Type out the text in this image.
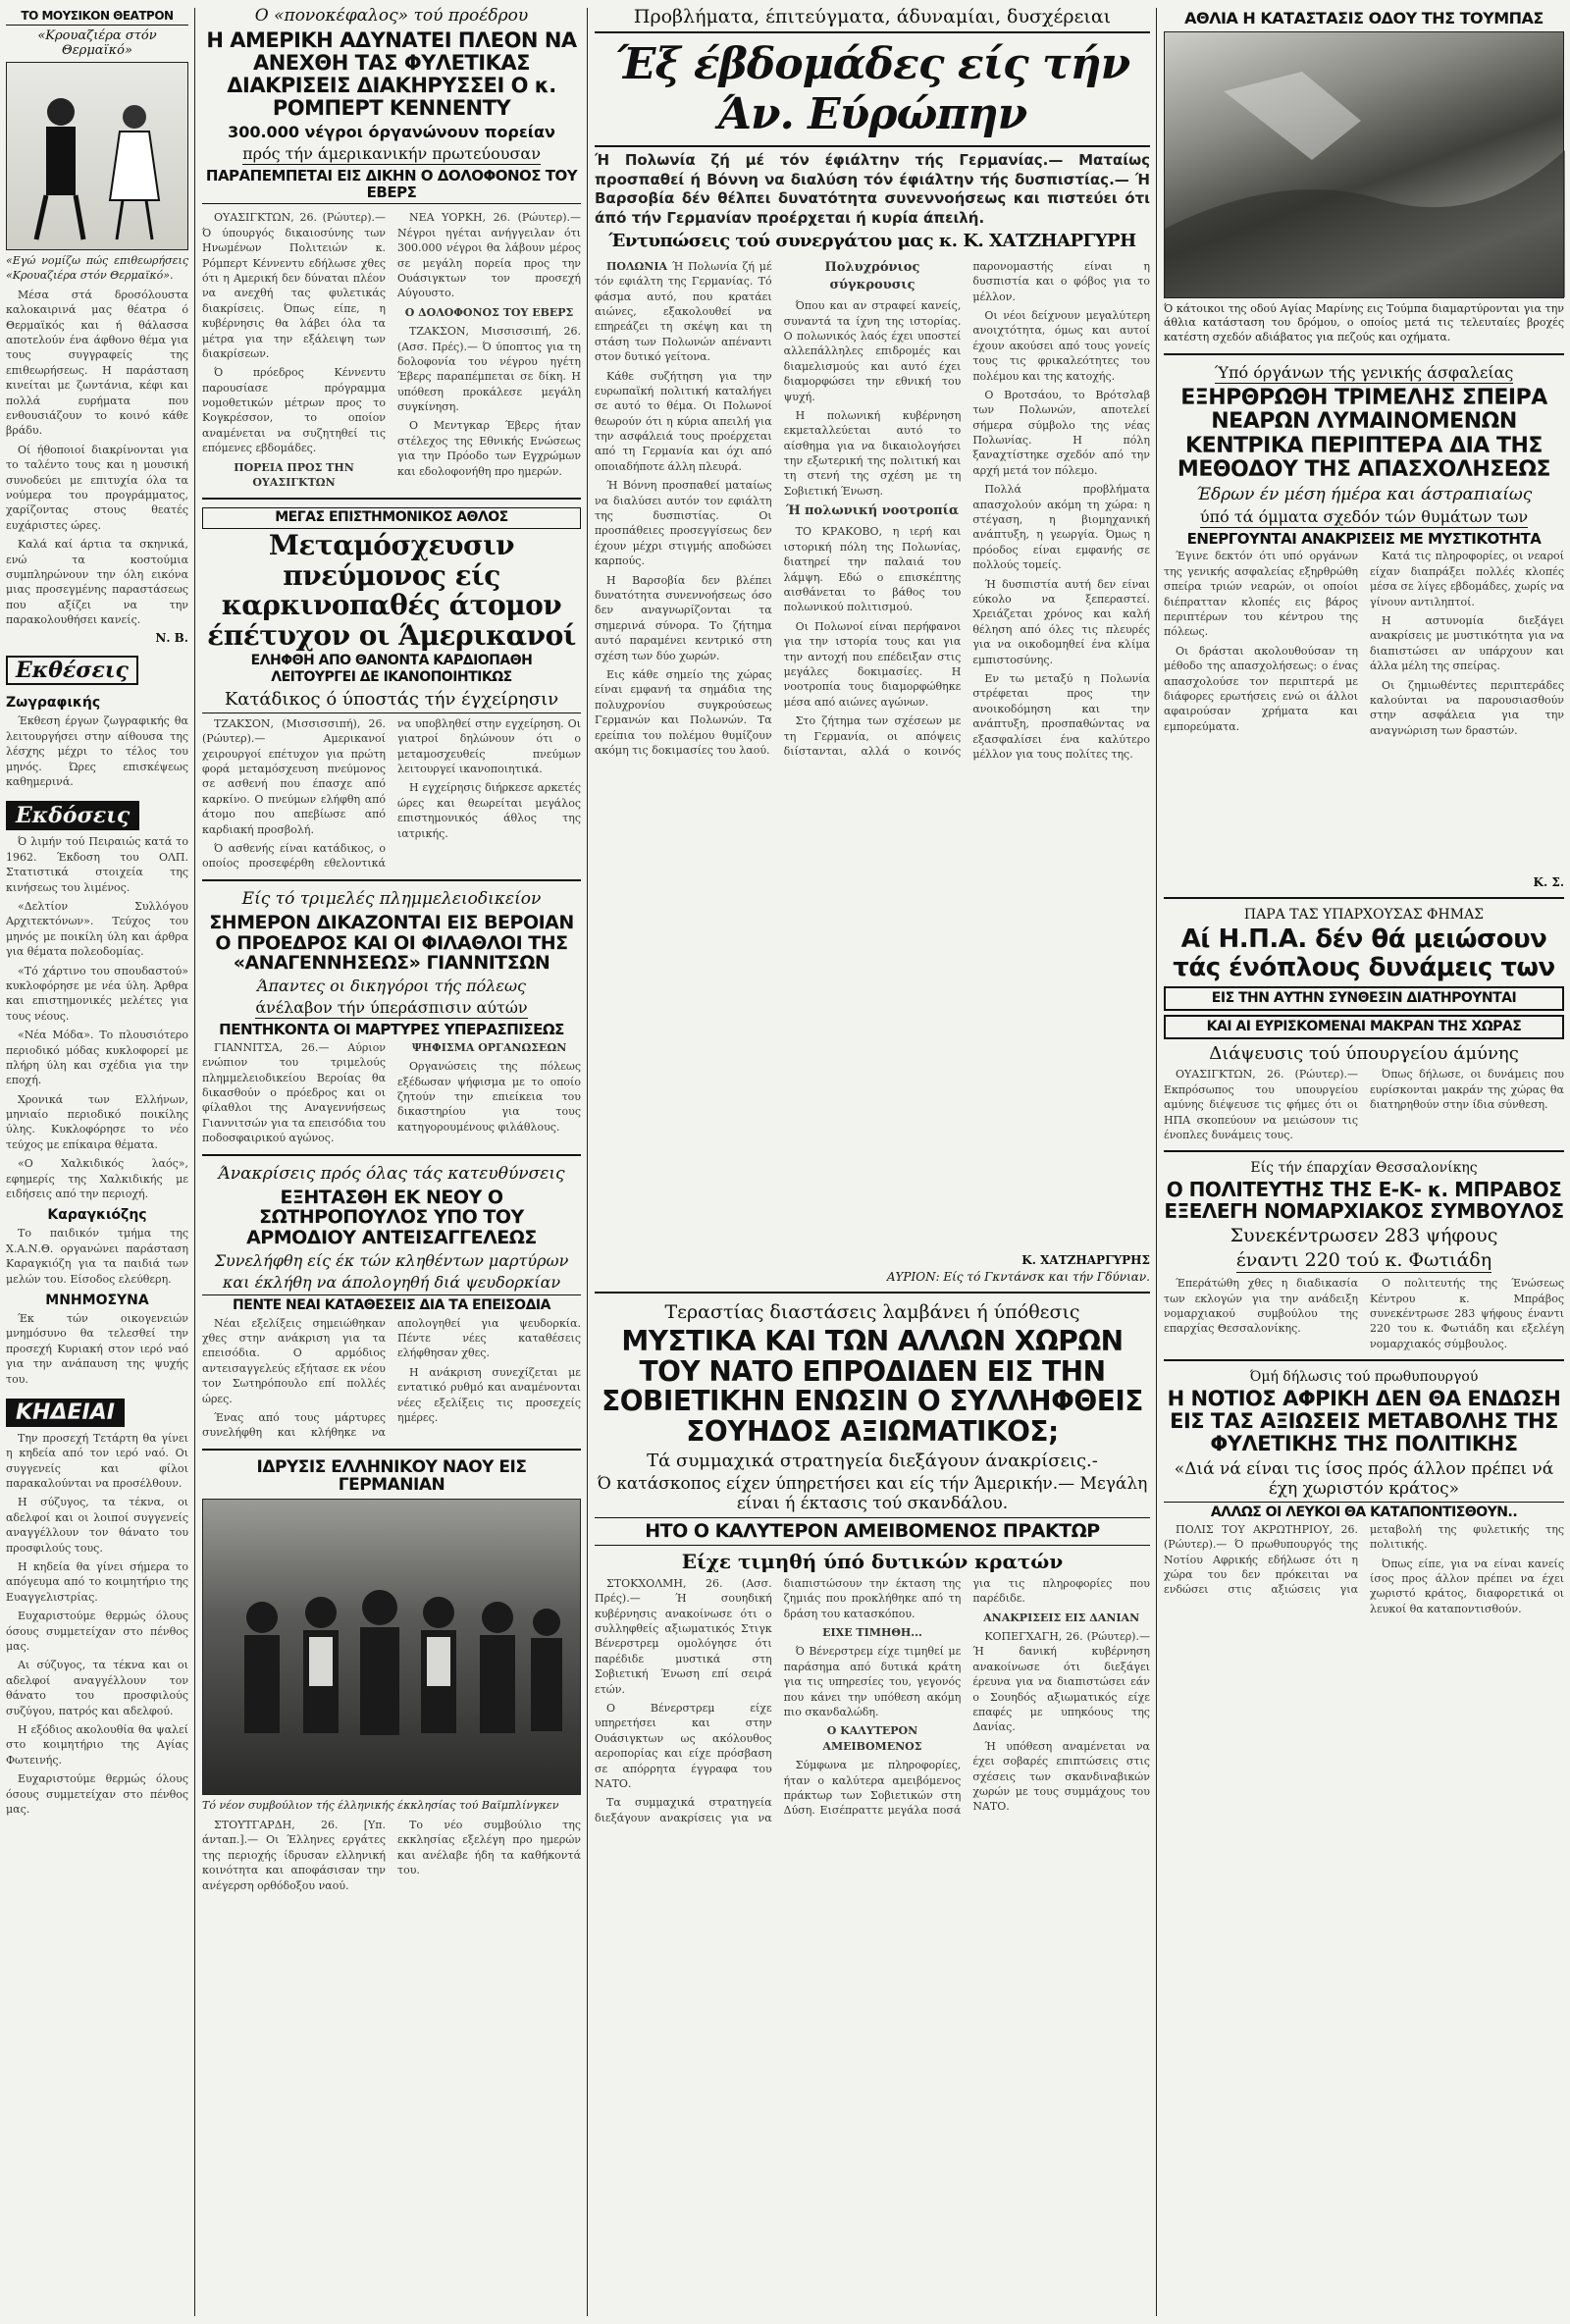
ΤΟ ΜΟΥΣΙΚΟΝ ΘΕΑΤΡΟΝ
«Κρουαζιέρα στόν Θερμαϊκό»
«Εγώ νομίζω πώς επιθεωρήσεις «Κρουαζιέρα στόν Θερμαϊκό».

Μέσα στά δροσόλουστα καλοκαιρινά μας θέατρα ό Θερμαϊκός και ή θάλασσα αποτελούν ένα άφθονο θέμα για τους συγγραφείς της επιθεωρήσεως. Η παράσταση κινείται με ζωντάνια, κέφι και πολλά ευρήματα που ενθουσιάζουν το κοινό κάθε βράδυ.

Οί ήθοποιοί διακρίνονται για το ταλέντο τους και η μουσική συνοδεύει με επιτυχία όλα τα νούμερα του προγράμματος, χαρίζοντας στους θεατές ευχάριστες ώρες.

Καλά καί άρτια τα σκηνικά, ενώ τα κοστούμια συμπληρώνουν την όλη εικόνα μιας προσεγμένης παραστάσεως που αξίζει να την παρακολουθήσει κανείς.

Ν. Β.
Εκθέσεις
Ζωγραφικής

Έκθεση έργων ζωγραφικής θα λειτουργήσει στην αίθουσα της λέσχης μέχρι το τέλος του μηνός. Ώρες επισκέψεως καθημερινά.

Εκδόσεις

Ό λιμήν τού Πειραιώς κατά το 1962. Έκδοση του ΟΛΠ. Στατιστικά στοιχεία της κινήσεως του λιμένος.

«Δελτίον Συλλόγου Αρχιτεκτόνων». Τεύχος του μηνός με ποικίλη ύλη και άρθρα για θέματα πολεοδομίας.

«Τό χάρτινο του σπουδαστού» κυκλοφόρησε με νέα ύλη. Άρθρα και επιστημονικές μελέτες για τους νέους.

«Νέα Μόδα». Το πλουσιότερο περιοδικό μόδας κυκλοφορεί με πλήρη ύλη και σχέδια για την εποχή.

Χρονικά των Ελλήνων, μηνιαίο περιοδικό ποικίλης ύλης. Κυκλοφόρησε το νέο τεύχος με επίκαιρα θέματα.

«Ο Χαλκιδικός λαός», εφημερίς της Χαλκιδικής με ειδήσεις από την περιοχή.

Καραγκιόζης

Το παιδικόν τμήμα της Χ.Α.Ν.Θ. οργανώνει παράσταση Καραγκιόζη για τα παιδιά των μελών του. Είσοδος ελεύθερη.

ΜΝΗΜΟΣΥΝΑ

Έκ τών οικογενειών μνημόσυνο θα τελεσθεί την προσεχή Κυριακή στον ιερό ναό για την ανάπαυση της ψυχής του.

ΚΗΔΕΙΑΙ

Την προσεχή Τετάρτη θα γίνει η κηδεία από τον ιερό ναό. Οι συγγενείς και φίλοι παρακαλούνται να προσέλθουν.

Η σύζυγος, τα τέκνα, οι αδελφοί και οι λοιποί συγγενείς αναγγέλλουν τον θάνατο του προσφιλούς τους.

Η κηδεία θα γίνει σήμερα το απόγευμα από το κοιμητήριο της Ευαγγελιστρίας.

Ευχαριστούμε θερμώς όλους όσους συμμετείχαν στο πένθος μας.

Αι σύζυγος, τα τέκνα και οι αδελφοί αναγγέλλουν τον θάνατο του προσφιλούς συζύγου, πατρός και αδελφού.

Η εξόδιος ακολουθία θα ψαλεί στο κοιμητήριο της Αγίας Φωτεινής.

Ευχαριστούμε θερμώς όλους όσους συμμετείχαν στο πένθος μας.

Ο «πονοκέφαλος» τού προέδρου
Η ΑΜΕΡΙΚΗ ΑΔΥΝΑΤΕΙ ΠΛΕΟΝ ΝΑ ΑΝΕΧΘΗ ΤΑΣ ΦΥΛΕΤΙΚΑΣ ΔΙΑΚΡΙΣΕΙΣ ΔΙΑΚΗΡΥΣΣΕΙ Ο κ. ΡΟΜΠΕΡΤ ΚΕΝΝΕΝΤΥ
300.000 νέγροι όργανώνουν πορείαν
πρός τήν άμερικανικήν πρωτεύουσαν
ΠΑΡΑΠΕΜΠΕΤΑΙ ΕΙΣ ΔΙΚΗΝ Ο ΔΟΛΟΦΟΝΟΣ ΤΟΥ ΕΒΕΡΣ

ΟΥΑΣΙΓΚΤΩΝ, 26. (Ρώυτερ).— Ό ύπουργός δικαιοσύνης των Ηνωμένων Πολιτειών κ. Ρόμπερτ Κέννεντυ εδήλωσε χθες ότι η Αμερική δεν δύναται πλέον να ανεχθή τας φυλετικάς διακρίσεις. Όπως είπε, η κυβέρνησις θα λάβει όλα τα μέτρα για την εξάλειψη των διακρίσεων.

Ό πρόεδρος Κέννεντυ παρουσίασε πρόγραμμα νομοθετικών μέτρων προς το Κογκρέσσον, το οποίον αναμένεται να συζητηθεί τις επόμενες εβδομάδες.

ΠΟΡΕΙΑ ΠΡΟΣ ΤΗΝ ΟΥΑΣΙΓΚΤΩΝ

ΝΕΑ ΥΟΡΚΗ, 26. (Ρώυτερ).— Νέγροι ηγέται ανήγγειλαν ότι 300.000 νέγροι θα λάβουν μέρος σε μεγάλη πορεία προς την Ουάσιγκτων τον προσεχή Αύγουστο.

Ο ΔΟΛΟΦΟΝΟΣ ΤΟΥ ΕΒΕΡΣ

ΤΖΑΚΣΟΝ, Μισσισσιπή, 26. (Ασσ. Πρές).— Ό ύποπτος για τη δολοφονία του νέγρου ηγέτη Έβερς παραπέμπεται σε δίκη. Η υπόθεση προκάλεσε μεγάλη συγκίνηση.

Ο Μεντγκαρ Έβερς ήταν στέλεχος της Εθνικής Ενώσεως για την Πρόοδο των Εγχρώμων και εδολοφονήθη προ ημερών.

ΜΕΓΑΣ ΕΠΙΣΤΗΜΟΝΙΚΟΣ ΑΘΛΟΣ
Μεταμόσχευσιν πνεύμονος είς καρκινοπαθές άτομον έπέτυχον οι Άμερικανοί
ΕΛΗΦΘΗ ΑΠΟ ΘΑΝΟΝΤΑ ΚΑΡΔΙΟΠΑΘΗ
ΛΕΙΤΟΥΡΓΕΙ ΔΕ ΙΚΑΝΟΠΟΙΗΤΙΚΩΣ
Κατάδικος ό ύποστάς τήν έγχείρησιν

ΤΖΑΚΣΟΝ, (Μισσισσιπή), 26. (Ρώυτερ).— Αμερικανοί χειρουργοί επέτυχον για πρώτη φορά μεταμόσχευση πνεύμονος σε ασθενή που έπασχε από καρκίνο. Ο πνεύμων ελήφθη από άτομο που απεβίωσε από καρδιακή προσβολή.

Ό ασθενής είναι κατάδικος, ο οποίος προσεφέρθη εθελοντικά να υποβληθεί στην εγχείρηση. Οι γιατροί δηλώνουν ότι ο μεταμοσχευθείς πνεύμων λειτουργεί ικανοποιητικά.

Η εγχείρησις διήρκεσε αρκετές ώρες και θεωρείται μεγάλος επιστημονικός άθλος της ιατρικής.

Είς τό τριμελές πλημμελειοδικείον
ΣΗΜΕΡΟΝ ΔΙΚΑΖΟΝΤΑΙ ΕΙΣ ΒΕΡΟΙΑΝ Ο ΠΡΟΕΔΡΟΣ ΚΑΙ ΟΙ ΦΙΛΑΘΛΟΙ ΤΗΣ «ΑΝΑΓΕΝΝΗΣΕΩΣ» ΓΙΑΝΝΙΤΣΩΝ
Άπαντες οι δικηγόροι τής πόλεως
άνέλαβον τήν ύπεράσπισιν αύτών
ΠΕΝΤΗΚΟΝΤΑ ΟΙ ΜΑΡΤΥΡΕΣ ΥΠΕΡΑΣΠΙΣΕΩΣ

ΓΙΑΝΝΙΤΣΑ, 26.— Αύριον ενώπιον του τριμελούς πλημμελειοδικείου Βεροίας θα δικασθούν ο πρόεδρος και οι φίλαθλοι της Αναγεννήσεως Γιαννιτσών για τα επεισόδια του ποδοσφαιρικού αγώνος.

ΨΗΦΙΣΜΑ ΟΡΓΑΝΩΣΕΩΝ

Οργανώσεις της πόλεως εξέδωσαν ψήφισμα με το οποίο ζητούν την επιείκεια του δικαστηρίου για τους κατηγορουμένους φιλάθλους.

Άνακρίσεις πρός όλας τάς κατευθύνσεις
ΕΞΗΤΑΣΘΗ ΕΚ ΝΕΟΥ Ο ΣΩΤΗΡΟΠΟΥΛΟΣ ΥΠΟ ΤΟΥ ΑΡΜΟΔΙΟΥ ΑΝΤΕΙΣΑΓΓΕΛΕΩΣ
Συνελήφθη είς έκ τών κληθέντων μαρτύρων
και έκλήθη να άπολογηθή διά ψευδορκίαν
ΠΕΝΤΕ ΝΕΑΙ ΚΑΤΑΘΕΣΕΙΣ ΔΙΑ ΤΑ ΕΠΕΙΣΟΔΙΑ

Νέαι εξελίξεις σημειώθηκαν χθες στην ανάκριση για τα επεισόδια. Ο αρμόδιος αντεισαγγελεύς εξήτασε εκ νέου τον Σωτηρόπουλο επί πολλές ώρες.

Ένας από τους μάρτυρες συνελήφθη και κλήθηκε να απολογηθεί για ψευδορκία. Πέντε νέες καταθέσεις ελήφθησαν χθες.

Η ανάκριση συνεχίζεται με εντατικό ρυθμό και αναμένονται νέες εξελίξεις τις προσεχείς ημέρες.

ΙΔΡΥΣΙΣ ΕΛΛΗΝΙΚΟΥ ΝΑΟΥ ΕΙΣ ΓΕΡΜΑΝΙΑΝ
Τό νέον συμβούλιον τής έλληνικής έκκλησίας τού Βαϊμπλίνγκεν

ΣΤΟΥΤΓΑΡΔΗ, 26. [Υπ. άνταπ.].— Οι Έλληνες εργάτες της περιοχής ίδρυσαν ελληνική κοινότητα και αποφάσισαν την ανέγερση ορθόδοξου ναού.

Το νέο συμβούλιο της εκκλησίας εξελέγη προ ημερών και ανέλαβε ήδη τα καθήκοντά του.

Προβλήματα, έπιτεύγματα, άδυναμίαι, δυσχέρειαι
Έξ έβδομάδες είς τήν Άν. Εύρώπην
Ή Πολωνία ζή μέ τόν έφιάλτην τής Γερμανίας.— Ματαίως προσπαθεί ή Βόννη να διαλύση τόν έφιάλτην τής δυσπιστίας.— Ή Βαρσοβία δέν θέλπει δυνατότητα συνεννοήσεως και πιστεύει ότι άπό τήν Γερμανίαν προέρχεται ή κυρία άπειλή.
Έντυπώσεις τού συνεργάτου μας κ. Κ. ΧΑΤΖΗΑΡΓΥΡΗ

ΠΟΛΩΝΙΑ Ή Πολωνία ζή μέ τόν εφιάλτη της Γερμανίας. Τό φάσμα αυτό, που κρατάει αιώνες, εξακολουθεί να επηρεάζει τη σκέψη και τη στάση των Πολωνών απέναντι στον δυτικό γείτονα.

Κάθε συζήτηση για την ευρωπαϊκή πολιτική καταλήγει σε αυτό το θέμα. Οι Πολωνοί θεωρούν ότι η κύρια απειλή για την ασφάλειά τους προέρχεται από τη Γερμανία και όχι από οποιαδήποτε άλλη πλευρά.

Ή Βόννη προσπαθεί ματαίως να διαλύσει αυτόν τον εφιάλτη της δυσπιστίας. Οι προσπάθειες προσεγγίσεως δεν έχουν μέχρι στιγμής αποδώσει καρπούς.

Η Βαρσοβία δεν βλέπει δυνατότητα συνεννοήσεως όσο δεν αναγνωρίζονται τα σημερινά σύνορα. Το ζήτημα αυτό παραμένει κεντρικό στη σχέση των δύο χωρών.

Εις κάθε σημείο της χώρας είναι εμφανή τα σημάδια της πολυχρονίου συγκρούσεως Γερμανών και Πολωνών. Τα ερείπια του πολέμου θυμίζουν ακόμη τις δοκιμασίες του λαού.

Πολυχρόνιος σύγκρουσις

Όπου και αν στραφεί κανείς, συναντά τα ίχνη της ιστορίας. Ο πολωνικός λαός έχει υποστεί αλλεπάλληλες επιδρομές και διαμελισμούς και αυτό έχει διαμορφώσει την εθνική του ψυχή.

Η πολωνική κυβέρνηση εκμεταλλεύεται αυτό το αίσθημα για να δικαιολογήσει την εξωτερική της πολιτική και τη στενή της σχέση με τη Σοβιετική Ένωση.

Ή πολωνική νοοτροπία

ΤΟ ΚΡΑΚΟΒΟ, η ιερή και ιστορική πόλη της Πολωνίας, διατηρεί την παλαιά του λάμψη. Εδώ ο επισκέπτης αισθάνεται το βάθος του πολωνικού πολιτισμού.

Οι Πολωνοί είναι περήφανοι για την ιστορία τους και για την αντοχή που επέδειξαν στις μεγάλες δοκιμασίες. Η νοοτροπία τους διαμορφώθηκε μέσα από αιώνες αγώνων.

Στο ζήτημα των σχέσεων με τη Γερμανία, οι απόψεις διίστανται, αλλά ο κοινός παρονομαστής είναι η δυσπιστία και ο φόβος για το μέλλον.

Οι νέοι δείχνουν μεγαλύτερη ανοιχτότητα, όμως και αυτοί έχουν ακούσει από τους γονείς τους τις φρικαλεότητες του πολέμου και της κατοχής.

Ο Βροτσάου, το Βρότσλαβ των Πολωνών, αποτελεί σήμερα σύμβολο της νέας Πολωνίας. Η πόλη ξαναχτίστηκε σχεδόν από την αρχή μετά τον πόλεμο.

Πολλά προβλήματα απασχολούν ακόμη τη χώρα: η στέγαση, η βιομηχανική ανάπτυξη, η γεωργία. Όμως η πρόοδος είναι εμφανής σε πολλούς τομείς.

Ή δυσπιστία αυτή δεν είναι εύκολο να ξεπεραστεί. Χρειάζεται χρόνος και καλή θέληση από όλες τις πλευρές για να οικοδομηθεί ένα κλίμα εμπιστοσύνης.

Εν τω μεταξύ η Πολωνία στρέφεται προς την ανοικοδόμηση και την ανάπτυξη, προσπαθώντας να εξασφαλίσει ένα καλύτερο μέλλον για τους πολίτες της.

Κ. ΧΑΤΖΗΑΡΓΥΡΗΣ
ΑΥΡΙΟΝ: Είς τό Γκντάνσκ και τήν Γδύνιαν.
Τεραστίας διαστάσεις λαμβάνει ή ύπόθεσις
ΜΥΣΤΙΚΑ ΚΑΙ ΤΩΝ ΑΛΛΩΝ ΧΩΡΩΝ ΤΟΥ ΝΑΤΟ ΕΠΡΟΔΙΔΕΝ ΕΙΣ ΤΗΝ ΣΟΒΙΕΤΙΚΗΝ ΕΝΩΣΙΝ Ο ΣΥΛΛΗΦΘΕΙΣ ΣΟΥΗΔΟΣ ΑΞΙΩΜΑΤΙΚΟΣ;
Τά συμμαχικά στρατηγεία διεξάγουν άνακρίσεις.-
Ό κατάσκοπος είχεν ύπηρετήσει και είς τήν Άμερικήν.— Μεγάλη είναι ή έκτασις τού σκανδάλου.
ΗΤΟ Ο ΚΑΛΥΤΕΡΟΝ ΑΜΕΙΒΟΜΕΝΟΣ ΠΡΑΚΤΩΡ
Είχε τιμηθή ύπό δυτικών κρατών

ΣΤΟΚΧΟΛΜΗ, 26. (Ασσ. Πρές).— Ή σουηδική κυβέρνησις ανακοίνωσε ότι ο συλληφθείς αξιωματικός Στιγκ Βένερστρεμ ομολόγησε ότι παρέδιδε μυστικά στη Σοβιετική Ένωση επί σειρά ετών.

Ο Βένερστρεμ είχε υπηρετήσει και στην Ουάσιγκτων ως ακόλουθος αεροπορίας και είχε πρόσβαση σε απόρρητα έγγραφα του ΝΑΤΟ.

Τα συμμαχικά στρατηγεία διεξάγουν ανακρίσεις για να διαπιστώσουν την έκταση της ζημιάς που προκλήθηκε από τη δράση του κατασκόπου.

ΕΙΧΕ ΤΙΜΗΘΗ...

Ό Βένερστρεμ είχε τιμηθεί με παράσημα από δυτικά κράτη για τις υπηρεσίες του, γεγονός που κάνει την υπόθεση ακόμη πιο σκανδαλώδη.

Ο ΚΑΛΥΤΕΡΟΝ ΑΜΕΙΒΟΜΕΝΟΣ

Σύμφωνα με πληροφορίες, ήταν ο καλύτερα αμειβόμενος πράκτωρ των Σοβιετικών στη Δύση. Εισέπραττε μεγάλα ποσά για τις πληροφορίες που παρέδιδε.

ΑΝΑΚΡΙΣΕΙΣ ΕΙΣ ΔΑΝΙΑΝ

ΚΟΠΕΓΧΑΓΗ, 26. (Ρώυτερ).— Ή δανική κυβέρνηση ανακοίνωσε ότι διεξάγει έρευνα για να διαπιστώσει εάν ο Σουηδός αξιωματικός είχε επαφές με υπηκόους της Δανίας.

Ή υπόθεση αναμένεται να έχει σοβαρές επιπτώσεις στις σχέσεις των σκανδιναβικών χωρών με τους συμμάχους του ΝΑΤΟ.

ΑΘΛΙΑ Η ΚΑΤΑΣΤΑΣΙΣ ΟΔΟΥ ΤΗΣ ΤΟΥΜΠΑΣ
Ό κάτοικοι της οδού Αγίας Μαρίνης εις Τούμπα διαμαρτύρονται για την άθλια κατάσταση του δρόμου, ο οποίος μετά τις τελευταίες βροχές κατέστη σχεδόν αδιάβατος για πεζούς και οχήματα.
Ύπό όργάνων τής γενικής άσφαλείας
ΕΞΗΡΘΡΩΘΗ ΤΡΙΜΕΛΗΣ ΣΠΕΙΡΑ ΝΕΑΡΩΝ ΛΥΜΑΙΝΟΜΕΝΩΝ ΚΕΝΤΡΙΚΑ ΠΕΡΙΠΤΕΡΑ ΔΙΑ ΤΗΣ ΜΕΘΟΔΟΥ ΤΗΣ ΑΠΑΣΧΟΛΗΣΕΩΣ
Έδρων έν μέση ήμέρα και άστραπιαίως
ύπό τά όμματα σχεδόν τών θυμάτων των
ΕΝΕΡΓΟΥΝΤΑΙ ΑΝΑΚΡΙΣΕΙΣ ΜΕ ΜΥΣΤΙΚΟΤΗΤΑ

Έγινε δεκτόν ότι υπό οργάνων της γενικής ασφαλείας εξηρθρώθη σπείρα τριών νεαρών, οι οποίοι διέπρατταν κλοπές εις βάρος περιπτέρων του κέντρου της πόλεως.

Οι δράσται ακολουθούσαν τη μέθοδο της απασχολήσεως: ο ένας απασχολούσε τον περιπτερά με διάφορες ερωτήσεις ενώ οι άλλοι αφαιρούσαν χρήματα και εμπορεύματα.

Κατά τις πληροφορίες, οι νεαροί είχαν διαπράξει πολλές κλοπές μέσα σε λίγες εβδομάδες, χωρίς να γίνουν αντιληπτοί.

Η αστυνομία διεξάγει ανακρίσεις με μυστικότητα για να διαπιστώσει αν υπάρχουν και άλλα μέλη της σπείρας.

Οι ζημιωθέντες περιπτεράδες καλούνται να παρουσιασθούν στην ασφάλεια για την αναγνώριση των δραστών.

Κ. Σ.
ΠΑΡΑ ΤΑΣ ΥΠΑΡΧΟΥΣΑΣ ΦΗΜΑΣ
Αί Η.Π.Α. δέν θά μειώσουν τάς ένόπλους δυνάμεις των
ΕΙΣ ΤΗΝ ΑΥΤΗΝ ΣΥΝΘΕΣΙΝ ΔΙΑΤΗΡΟΥΝΤΑΙ
ΚΑΙ ΑΙ ΕΥΡΙΣΚΟΜΕΝΑΙ ΜΑΚΡΑΝ ΤΗΣ ΧΩΡΑΣ
Διάψευσις τού ύπουργείου άμύνης

ΟΥΑΣΙΓΚΤΩΝ, 26. (Ρώυτερ).— Εκπρόσωπος του υπουργείου αμύνης διέψευσε τις φήμες ότι οι ΗΠΑ σκοπεύουν να μειώσουν τις ένοπλες δυνάμεις τους.

Όπως δήλωσε, οι δυνάμεις που ευρίσκονται μακράν της χώρας θα διατηρηθούν στην ίδια σύνθεση.

Είς τήν έπαρχίαν Θεσσαλονίκης
Ο ΠΟΛΙΤΕΥΤΗΣ ΤΗΣ Ε-Κ- κ. ΜΠΡΑΒΟΣ ΕΞΕΛΕΓΗ ΝΟΜΑΡΧΙΑΚΟΣ ΣΥΜΒΟΥΛΟΣ
Συνεκέντρωσεν 283 ψήφους
έναντι 220 τού κ. Φωτιάδη

Έπεράτώθη χθες η διαδικασία των εκλογών για την ανάδειξη νομαρχιακού συμβούλου της επαρχίας Θεσσαλονίκης.

Ο πολιτευτής της Ένώσεως Κέντρου κ. Μπράβος συνεκέντρωσε 283 ψήφους έναντι 220 του κ. Φωτιάδη και εξελέγη νομαρχιακός σύμβουλος.

Όμή δήλωσις τού πρωθυπουργού
Η ΝΟΤΙΟΣ ΑΦΡΙΚΗ ΔΕΝ ΘΑ ΕΝΔΩΣΗ ΕΙΣ ΤΑΣ ΑΞΙΩΣΕΙΣ ΜΕΤΑΒΟΛΗΣ ΤΗΣ ΦΥΛΕΤΙΚΗΣ ΤΗΣ ΠΟΛΙΤΙΚΗΣ
«Διά νά είναι τις ίσος πρός άλλον πρέπει νά έχη χωριστόν κράτος»
ΑΛΛΩΣ ΟΙ ΛΕΥΚΟΙ ΘΑ ΚΑΤΑΠΟΝΤΙΣΘΟΥΝ..

ΠΟΛΙΣ ΤΟΥ ΑΚΡΩΤΗΡΙΟΥ, 26. (Ρώυτερ).— Ό πρωθυπουργός της Νοτίου Αφρικής εδήλωσε ότι η χώρα του δεν πρόκειται να ενδώσει στις αξιώσεις για μεταβολή της φυλετικής της πολιτικής.

Όπως είπε, για να είναι κανείς ίσος προς άλλον πρέπει να έχει χωριστό κράτος, διαφορετικά οι λευκοί θα καταποντισθούν.
